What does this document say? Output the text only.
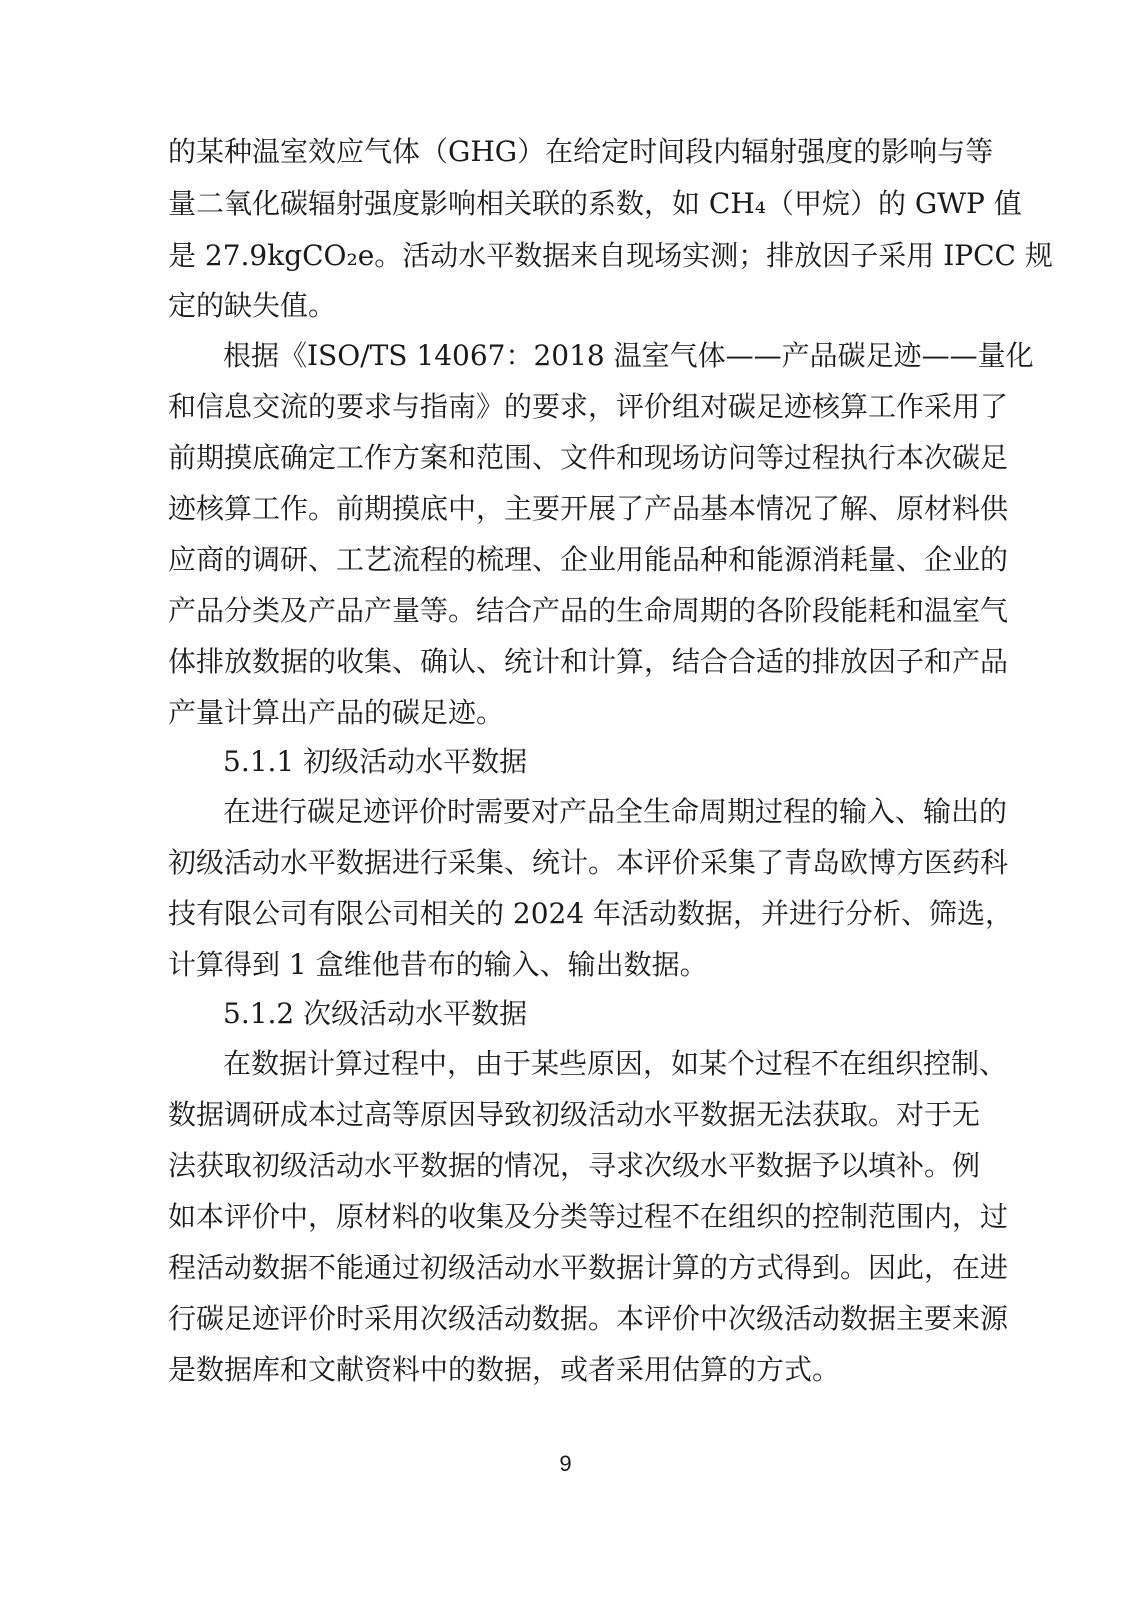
的某种温室效应气体（GHG）在给定时间段内辐射强度的影响与等
量二氧化碳辐射强度影响相关联的系数，如 CH₄（甲烷）的 GWP 值
是 27.9kgCO₂e。活动水平数据来自现场实测；排放因子采用 IPCC 规
定的缺失值。
根据《ISO/TS 14067：2018 温室气体——产品碳足迹——量化
和信息交流的要求与指南》的要求，评价组对碳足迹核算工作采用了
前期摸底确定工作方案和范围、文件和现场访问等过程执行本次碳足
迹核算工作。前期摸底中，主要开展了产品基本情况了解、原材料供
应商的调研、工艺流程的梳理、企业用能品种和能源消耗量、企业的
产品分类及产品产量等。结合产品的生命周期的各阶段能耗和温室气
体排放数据的收集、确认、统计和计算，结合合适的排放因子和产品
产量计算出产品的碳足迹。
5.1.1 初级活动水平数据
在进行碳足迹评价时需要对产品全生命周期过程的输入、输出的
初级活动水平数据进行采集、统计。本评价采集了青岛欧博方医药科
技有限公司有限公司相关的 2024 年活动数据，并进行分析、筛选，
计算得到 1 盒维他昔布的输入、输出数据。
5.1.2 次级活动水平数据
在数据计算过程中，由于某些原因，如某个过程不在组织控制、
数据调研成本过高等原因导致初级活动水平数据无法获取。对于无
法获取初级活动水平数据的情况，寻求次级水平数据予以填补。例
如本评价中，原材料的收集及分类等过程不在组织的控制范围内，过
程活动数据不能通过初级活动水平数据计算的方式得到。因此，在进
行碳足迹评价时采用次级活动数据。本评价中次级活动数据主要来源
是数据库和文献资料中的数据，或者采用估算的方式。
9
